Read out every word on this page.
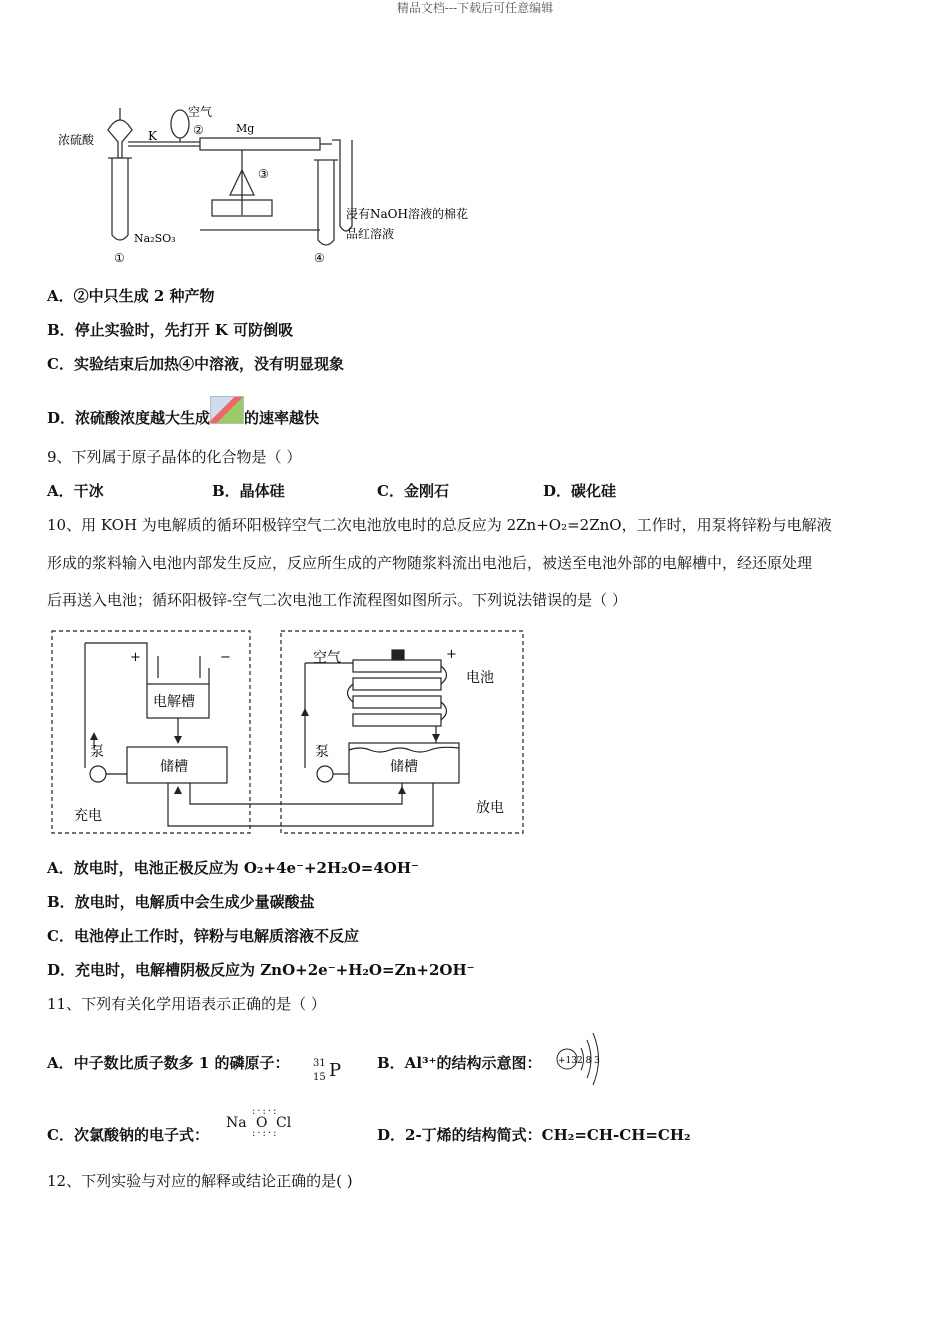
精品文档---下载后可任意编辑
浓硫酸	K
空气
②	Mg
③
Na₂SO₃
①
浸有NaOH溶液的棉花
品红溶液
④
A．②中只生成 2 种产物
B．停止实验时，先打开 K 可防倒吸
C．实验结束后加热④中溶液，没有明显现象
D．浓硫酸浓度越大生成 的速率越快
9、下列属于原子晶体的化合物是（ ）
A．干冰	B．晶体硅	C．金刚石	D．碳化硅
10、用 KOH 为电解质的循环阳极锌空气二次电池放电时的总反应为 2Zn+O₂=2ZnO，工作时，用泵将锌粉与电解液
形成的浆料输入电池内部发生反应，反应所生成的产物随浆料流出电池后，被送至电池外部的电解槽中，经还原处理
后再送入电池；循环阳极锌-空气二次电池工作流程图如图所示。下列说法错误的是（ ）
+	−
电解槽
储槽
泵
充电
空气	+
电池
泵
储槽
放电
A．放电时，电池正极反应为 O₂+4e⁻+2H₂O=4OH⁻
B．放电时，电解质中会生成少量碳酸盐
C．电池停止工作时，锌粉与电解质溶液不反应
D．充电时，电解槽阴极反应为 ZnO+2e⁻+H₂O=Zn+2OH⁻
11、下列有关化学用语表示正确的是（ ）
A．中子数比质子数多 1 的磷原子： 31
15 P B．Al³⁺的结构示意图： +13 2 8 3
C．次氯酸钠的电子式：
Na O Cl
:·:·:
:·:·:	D．2-丁烯的结构简式：CH₂=CH-CH=CH₂
12、下列实验与对应的解释或结论正确的是( )
